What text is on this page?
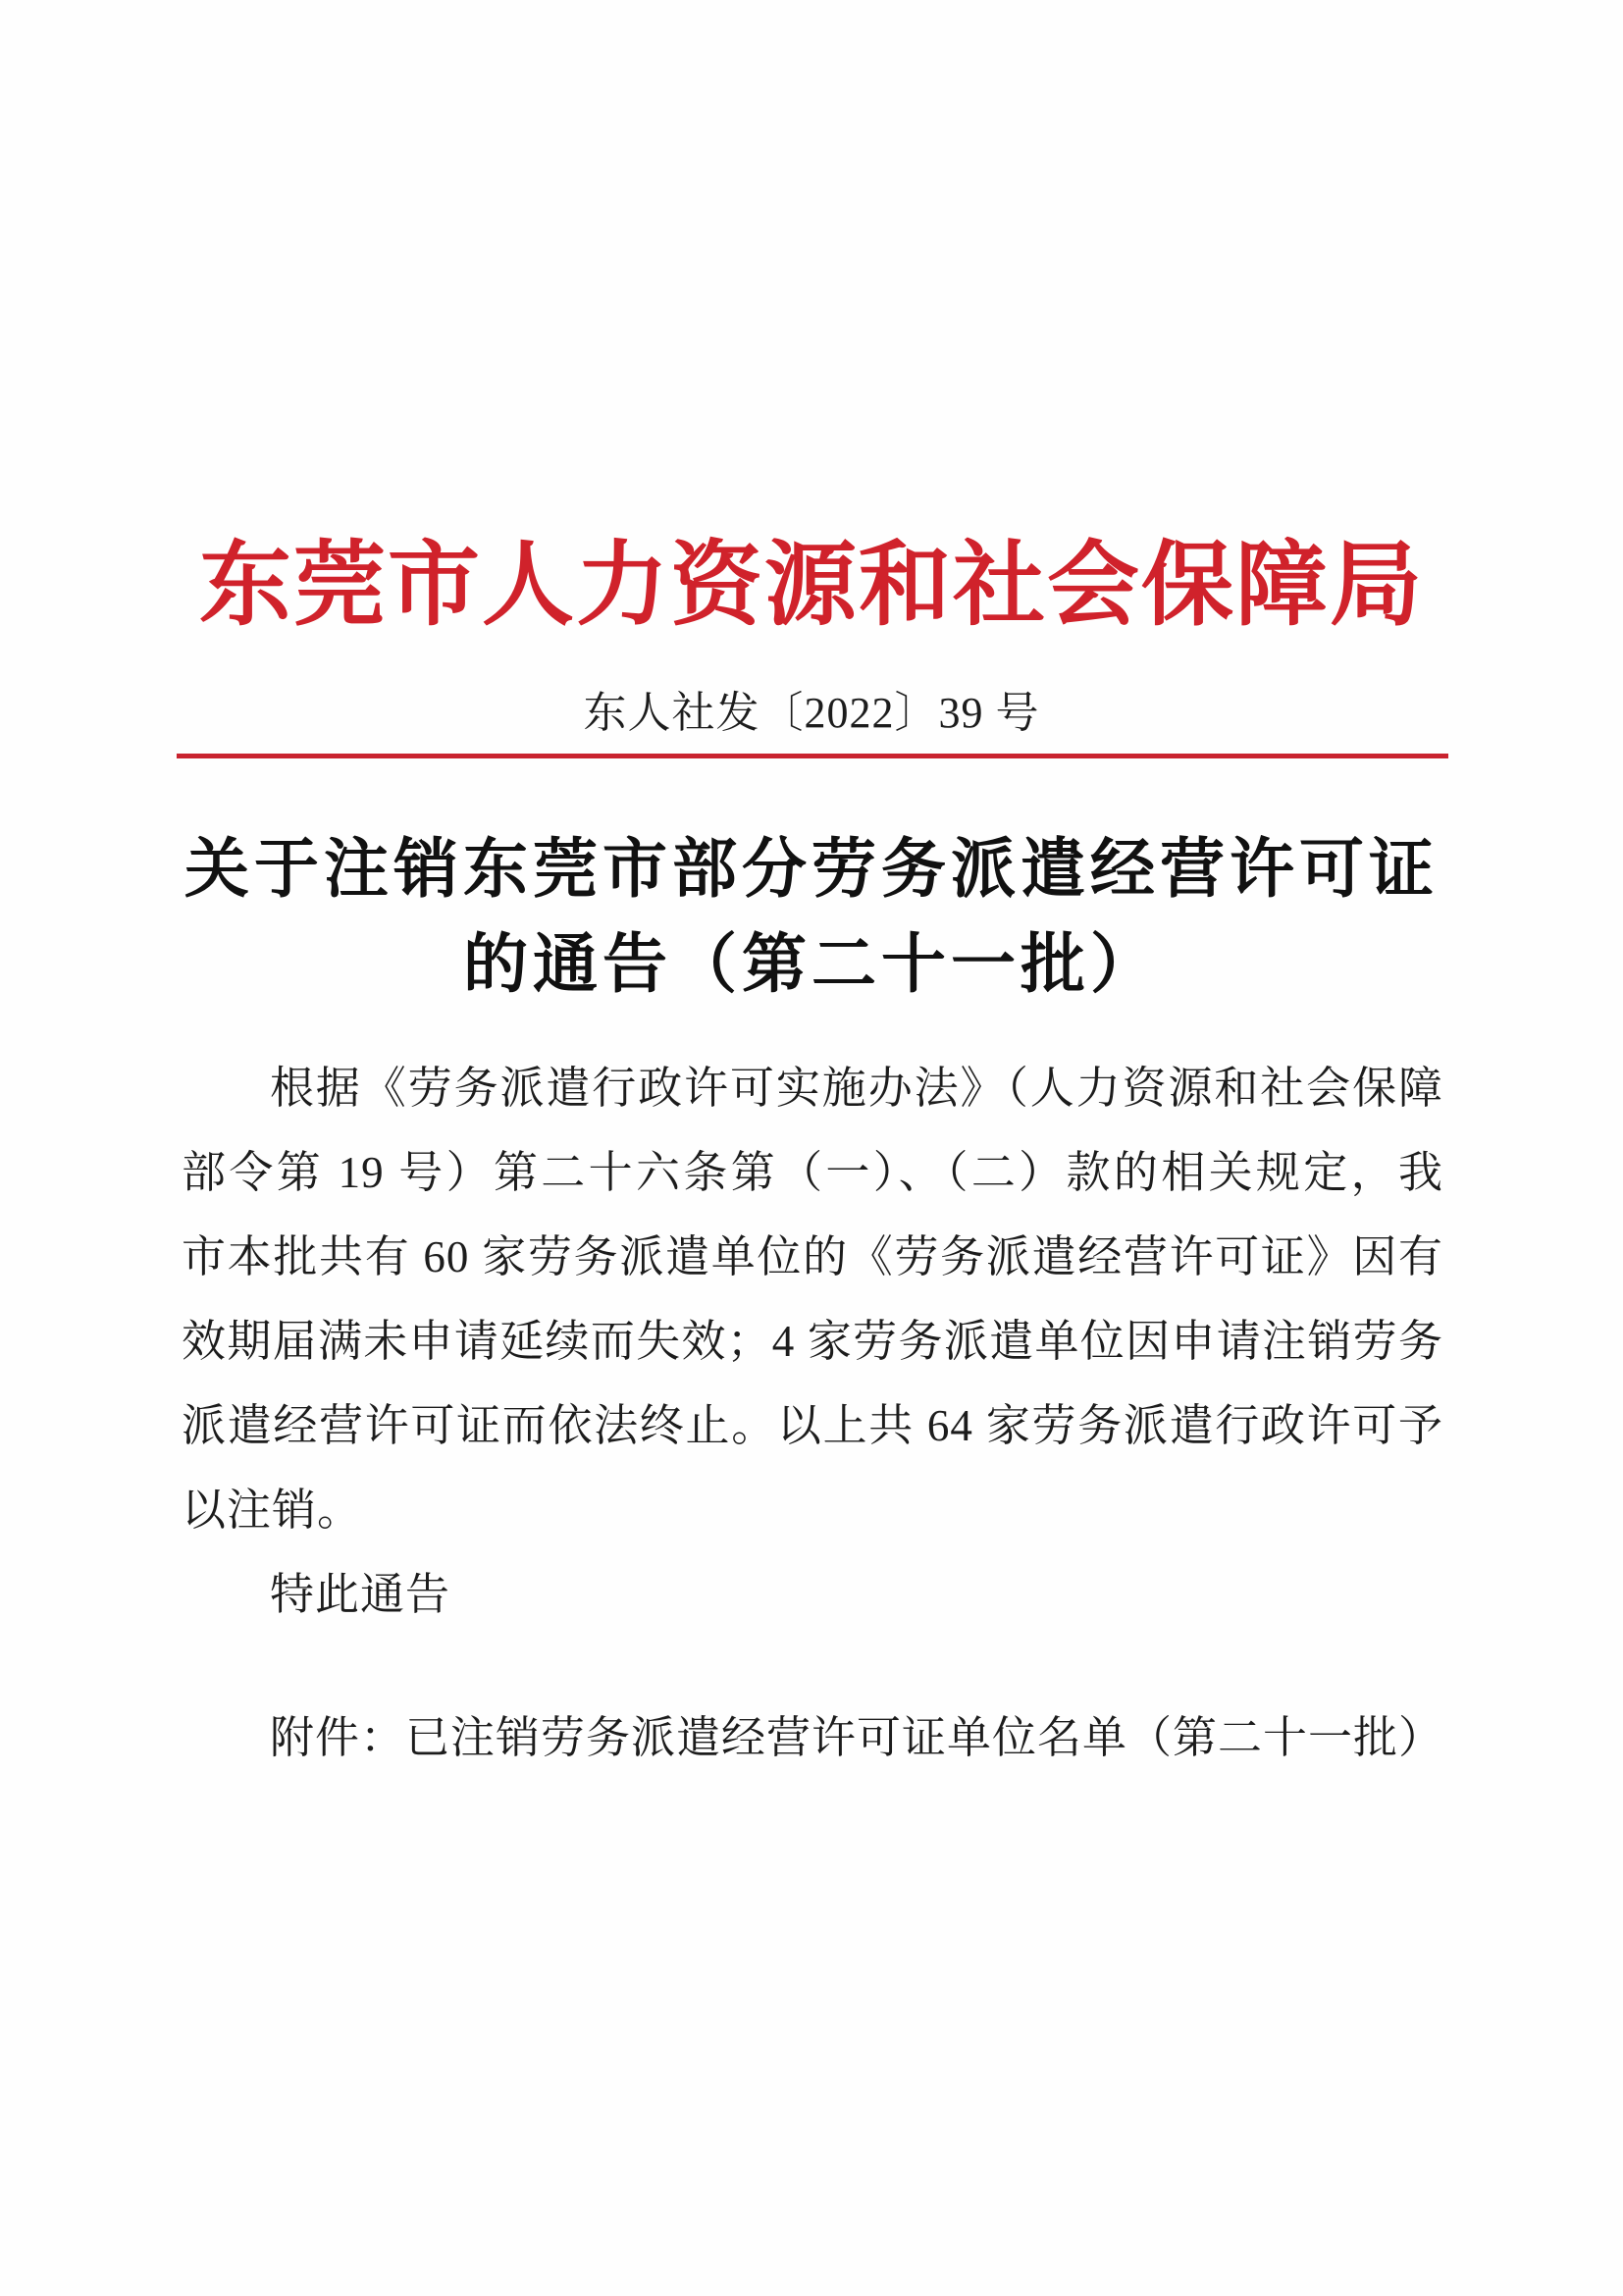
东莞市人力资源和社会保障局
东人社发〔2022〕39 号
关于注销东莞市部分劳务派遣经营许可证
的通告（第二十一批）
根据《劳务派遣行政许可实施办法》（人力资源和社会保障
部令第 19 号）第二十六条第（一）、（二）款的相关规定，我
市本批共有 60 家劳务派遣单位的《劳务派遣经营许可证》因有
效期届满未申请延续而失效；4 家劳务派遣单位因申请注销劳务
派遣经营许可证而依法终止。以上共 64 家劳务派遣行政许可予
以注销。
特此通告
附件：已注销劳务派遣经营许可证单位名单（第二十一批）
